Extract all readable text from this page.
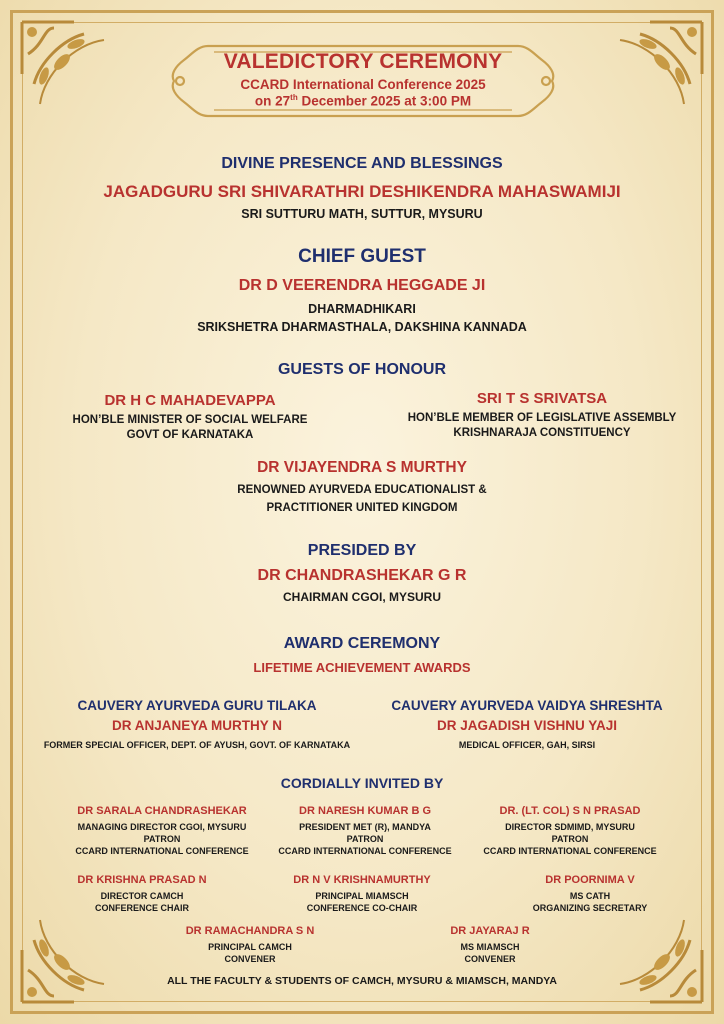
VALEDICTORY CEREMONY
CCARD International Conference 2025
on 27th December 2025 at 3:00 PM
DIVINE PRESENCE AND BLESSINGS
JAGADGURU SRI SHIVARATHRI DESHIKENDRA MAHASWAMIJI
SRI SUTTURU MATH, SUTTUR, MYSURU
CHIEF GUEST
DR D VEERENDRA HEGGADE JI
DHARMADHIKARI
SRIKSHETRA DHARMASTHALA, DAKSHINA KANNADA
GUESTS OF HONOUR
DR H C MAHADEVAPPA
HON’BLE MINISTER OF SOCIAL WELFARE
GOVT OF KARNATAKA
SRI T S SRIVATSA
HON’BLE MEMBER OF LEGISLATIVE ASSEMBLY
KRISHNARAJA CONSTITUENCY
DR VIJAYENDRA S MURTHY
RENOWNED AYURVEDA EDUCATIONALIST &
PRACTITIONER UNITED KINGDOM
PRESIDED BY
DR CHANDRASHEKAR G R
CHAIRMAN CGOI, MYSURU
AWARD CEREMONY
LIFETIME ACHIEVEMENT AWARDS
CAUVERY AYURVEDA GURU TILAKA
DR ANJANEYA MURTHY N
FORMER SPECIAL OFFICER, DEPT. OF AYUSH, GOVT. OF KARNATAKA
CAUVERY AYURVEDA VAIDYA SHRESHTA
DR JAGADISH VISHNU YAJI
MEDICAL OFFICER, GAH, SIRSI
CORDIALLY INVITED BY
DR SARALA CHANDRASHEKAR
MANAGING DIRECTOR CGOI, MYSURU
PATRON
CCARD INTERNATIONAL CONFERENCE
DR NARESH KUMAR B G
PRESIDENT MET (R), MANDYA
PATRON
CCARD INTERNATIONAL CONFERENCE
DR. (LT. COL) S N PRASAD
DIRECTOR SDMIMD, MYSURU
PATRON
CCARD INTERNATIONAL CONFERENCE
DR KRISHNA PRASAD N
DIRECTOR CAMCH
CONFERENCE CHAIR
DR N V KRISHNAMURTHY
PRINCIPAL MIAMSCH
CONFERENCE CO-CHAIR
DR POORNIMA V
MS CATH
ORGANIZING SECRETARY
DR RAMACHANDRA S N
PRINCIPAL CAMCH
CONVENER
DR JAYARAJ R
MS MIAMSCH
CONVENER
ALL THE FACULTY & STUDENTS OF CAMCH, MYSURU & MIAMSCH, MANDYA
